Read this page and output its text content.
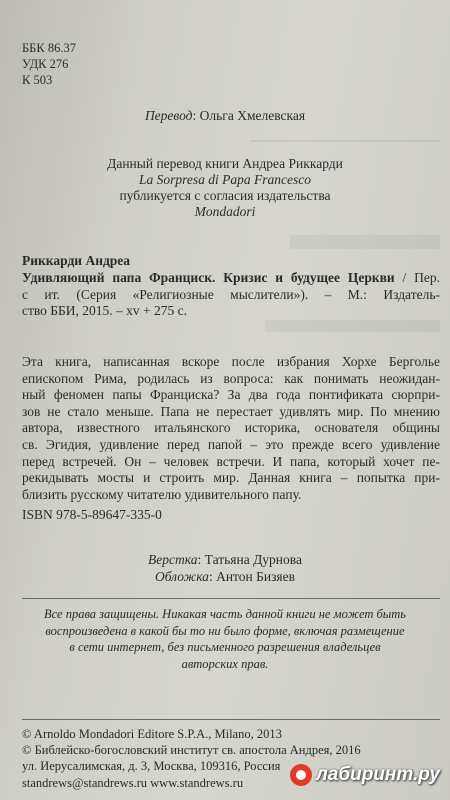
ББК 86.37
УДК 276
К 503
Перевод: Ольга Хмелевская
Данный перевод книги Андреа Риккарди
La Sorpresa di Papa Francesco
публикуется с согласия издательства
Mondadori
Риккарди Андреа
Удивляющий папа Франциск. Кризис и будущее Церкви / Пер.
с ит. (Серия «Религиозные мыслители»). – М.: Издатель-
ство ББИ, 2015. – xv + 275 с.
Эта книга, написанная вскоре после избрания Хорхе Берголье
епископом Рима, родилась из вопроса: как понимать неожидан-
ный феномен папы Франциска? За два года понтификата сюрпри-
зов не стало меньше. Папа не перестает удивлять мир. По мнению
автора, известного итальянского историка, основателя общины
св. Эгидия, удивление перед папой – это прежде всего удивление
перед встречей. Он – человек встречи. И папа, который хочет пе-
рекидывать мосты и строить мир. Данная книга – попытка при-
близить русскому читателю удивительного папу.
ISBN 978-5-89647-335-0
Верстка: Татьяна Дурнова
Обложка: Антон Бизяев
Все права защищены. Никакая часть данной книги не может быть
воспроизведена в какой бы то ни было форме, включая размещение
в сети интернет, без письменного разрешения владельцев
авторских прав.
© Arnoldo Mondadori Editore S.P.A., Milano, 2013
© Библейско-богословский институт св. апостола Андрея, 2016
ул. Иерусалимская, д. 3, Москва, 109316, Россия
standrews@standrews.ru www.standrews.ru	лабиринт.ру
